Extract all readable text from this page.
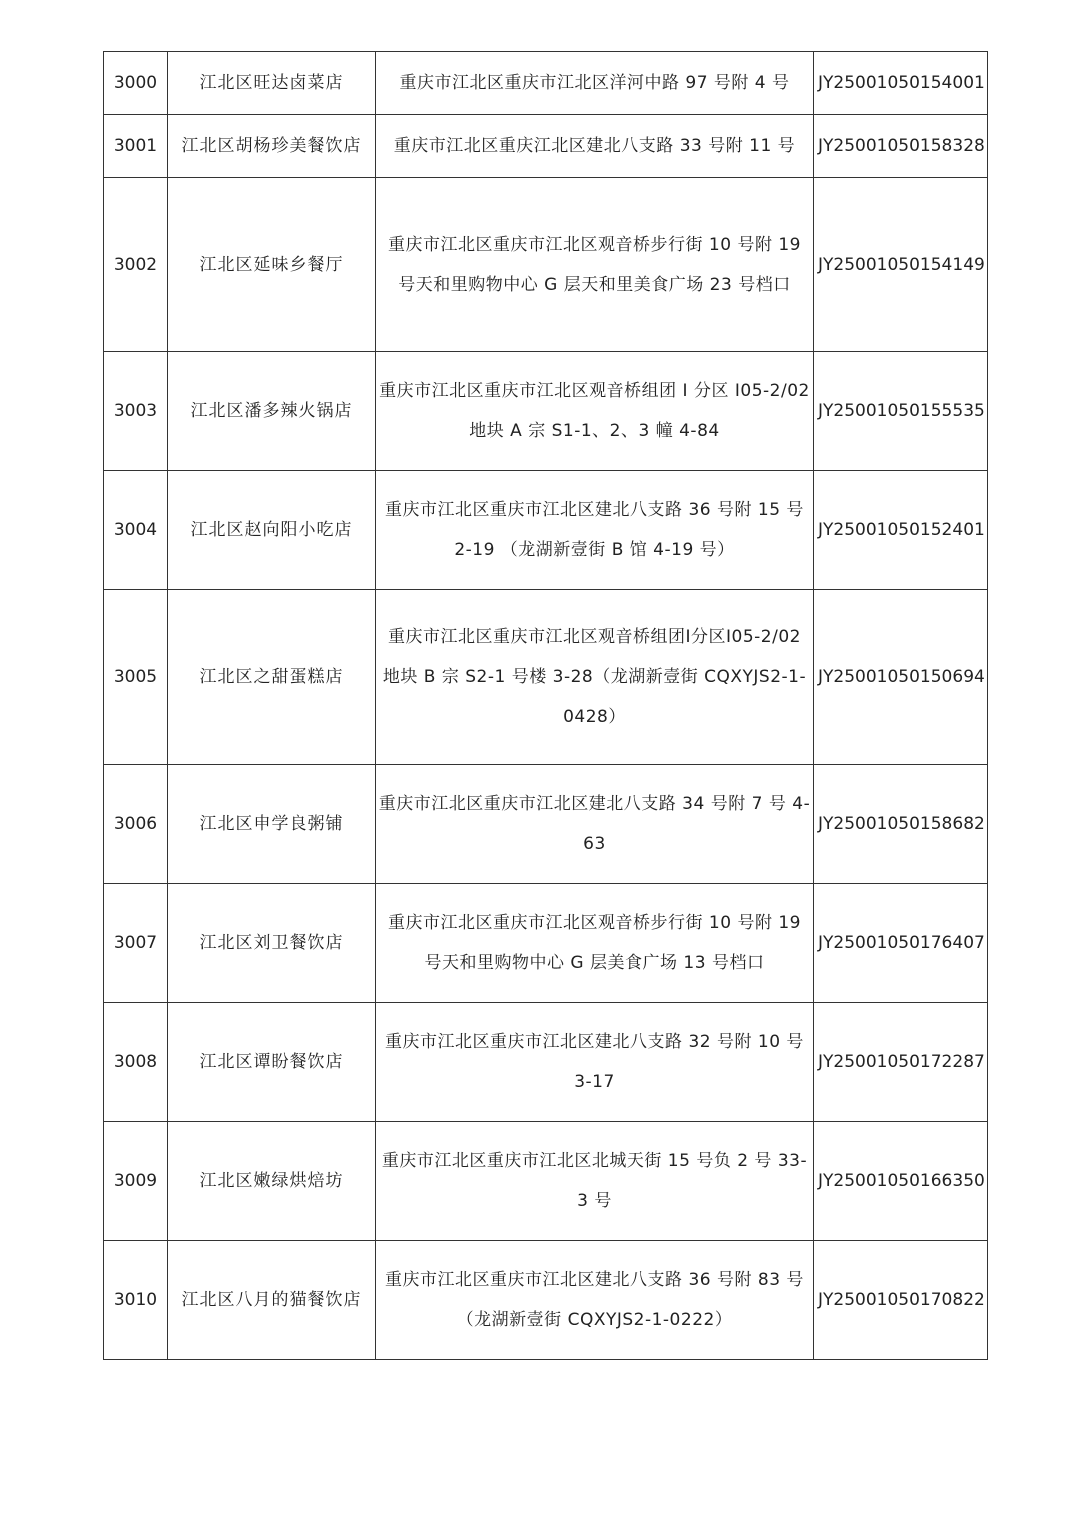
3000	江北区旺达卤菜店	重庆市江北区重庆市江北区洋河中路 97 号附 4 号	JY25001050154001
3001	江北区胡杨珍美餐饮店	重庆市江北区重庆江北区建北八支路 33 号附 11 号	JY25001050158328
3002	江北区延味乡餐厅	重庆市江北区重庆市江北区观音桥步行街 10 号附 19 号天和里购物中心 G 层天和里美食广场 23 号档口	JY25001050154149
3003	江北区潘多辣火锅店	重庆市江北区重庆市江北区观音桥组团 I 分区 I05-2/02 地块 A 宗 S1-1、2、3 幢 4-84	JY25001050155535
3004	江北区赵向阳小吃店	重庆市江北区重庆市江北区建北八支路 36 号附 15 号 2-19 （龙湖新壹街 B 馆 4-19 号）	JY25001050152401
3005	江北区之甜蛋糕店	重庆市江北区重庆市江北区观音桥组团Ⅰ分区Ⅰ05-2/02 地块 B 宗 S2-1 号楼 3-28（龙湖新壹街 CQXYJS2-1-0428）	JY25001050150694
3006	江北区申学良粥铺	重庆市江北区重庆市江北区建北八支路 34 号附 7 号 4-63	JY25001050158682
3007	江北区刘卫餐饮店	重庆市江北区重庆市江北区观音桥步行街 10 号附 19 号天和里购物中心 G 层美食广场 13 号档口	JY25001050176407
3008	江北区谭盼餐饮店	重庆市江北区重庆市江北区建北八支路 32 号附 10 号 3-17	JY25001050172287
3009	江北区嫩绿烘焙坊	重庆市江北区重庆市江北区北城天街 15 号负 2 号 33-3 号	JY25001050166350
3010	江北区八月的猫餐饮店	重庆市江北区重庆市江北区建北八支路 36 号附 83 号（龙湖新壹街 CQXYJS2-1-0222）	JY25001050170822
